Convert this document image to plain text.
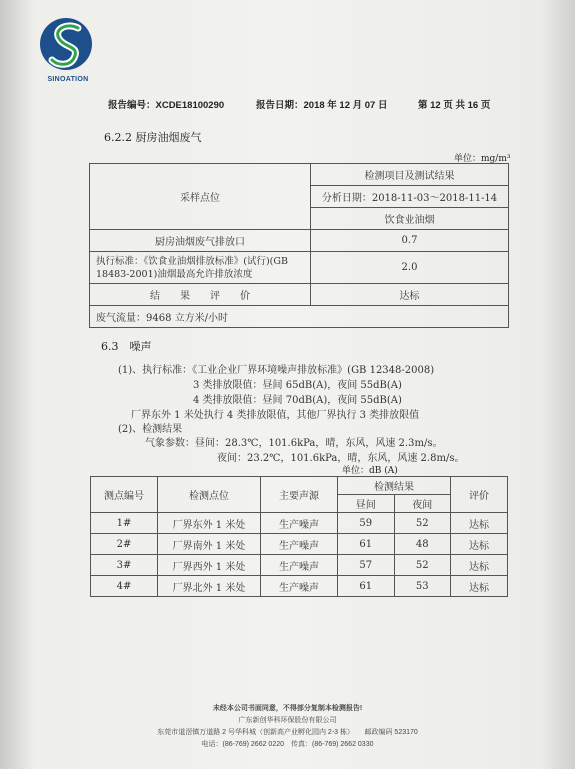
SINOATION
报告编号：XCDE18100290	报告日期：2018 年 12 月 07 日	第 12 页 共 16 页
6.2.2 厨房油烟废气
单位：mg/m³
采样点位	检测项目及测试结果
	分析日期：2018-11-03～2018-11-14
	饮食业油烟
厨房油烟废气排放口	0.7
执行标准：《饮食业油烟排放标准》(试行)(GB 18483-2001)油烟最高允许排放浓度	2.0
结　　果　　评　　价	达标
废气流量：9468 立方米/小时	
6.3　噪声
(1)、执行标准：《工业企业厂界环境噪声排放标准》(GB 12348-2008)
3 类排放限值：昼间 65dB(A)，夜间 55dB(A)
4 类排放限值：昼间 70dB(A)，夜间 55dB(A)
厂界东外 1 米处执行 4 类排放限值，其他厂界执行 3 类排放限值
(2)、检测结果
气象参数：昼间：28.3℃，101.6kPa，晴，东风，风速 2.3m/s。
夜间：23.2℃，101.6kPa，晴，东风，风速 2.8m/s。
单位：dB (A)
测点编号	检测点位	主要声源	检测结果		评价
			昼间	夜间	
1#	厂界东外 1 米处	生产噪声	59	52	达标
2#	厂界南外 1 米处	生产噪声	61	48	达标
3#	厂界西外 1 米处	生产噪声	57	52	达标
4#	厂界北外 1 米处	生产噪声	61	53	达标
未经本公司书面同意，不得部分复制本检测报告!
广东新创华科环保股份有限公司
东莞市道滘镇万道路 2 号华科城（创新高产业孵化园内 2-3 栋）　　邮政编码 523170
电话：(86-769) 2662 0220　传真：(86-769) 2662 0330
